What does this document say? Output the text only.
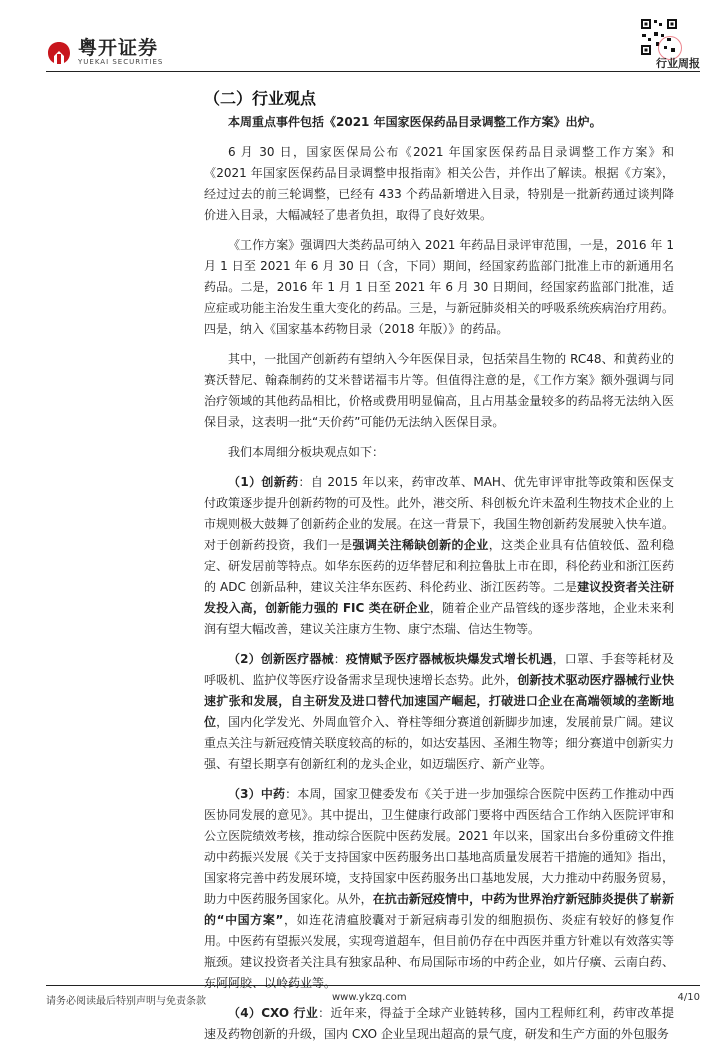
粤开证券
YUEKAI SECURITIES	行业周报
（二）行业观点

本周重点事件包括《2021 年国家医保药品目录调整工作方案》出炉。

6 月 30 日，国家医保局公布《2021 年国家医保药品目录调整工作方案》和《2021 年国家医保药品目录调整申报指南》相关公告，并作出了解读。根据《方案》，经过过去的前三轮调整，已经有 433 个药品新增进入目录，特别是一批新药通过谈判降价进入目录，大幅减轻了患者负担，取得了良好效果。

《工作方案》强调四大类药品可纳入 2021 年药品目录评审范围，一是，2016 年 1 月 1 日至 2021 年 6 月 30 日（含，下同）期间，经国家药监部门批准上市的新通用名药品。二是，2016 年 1 月 1 日至 2021 年 6 月 30 日期间，经国家药监部门批准，适应症或功能主治发生重大变化的药品。三是，与新冠肺炎相关的呼吸系统疾病治疗用药。四是，纳入《国家基本药物目录（2018 年版）》的药品。

其中，一批国产创新药有望纳入今年医保目录，包括荣昌生物的 RC48、和黄药业的赛沃替尼、翰森制药的艾米替诺福韦片等。但值得注意的是，《工作方案》额外强调与同治疗领域的其他药品相比，价格或费用明显偏高，且占用基金量较多的药品将无法纳入医保目录，这表明一批“天价药”可能仍无法纳入医保目录。

我们本周细分板块观点如下：

（1）创新药：自 2015 年以来，药审改革、MAH、优先审评审批等政策和医保支付政策逐步提升创新药物的可及性。此外，港交所、科创板允许未盈利生物技术企业的上市规则极大鼓舞了创新药企业的发展。在这一背景下，我国生物创新药发展驶入快车道。对于创新药投资，我们一是强调关注稀缺创新的企业，这类企业具有估值较低、盈利稳定、研发居前等特点。如华东医药的迈华替尼和利拉鲁肽上市在即，科伦药业和浙江医药的 ADC 创新品种，建议关注华东医药、科伦药业、浙江医药等。二是建议投资者关注研发投入高，创新能力强的 FIC 类在研企业，随着企业产品管线的逐步落地，企业未来利润有望大幅改善，建议关注康方生物、康宁杰瑞、信达生物等。

（2）创新医疗器械：疫情赋予医疗器械板块爆发式增长机遇，口罩、手套等耗材及呼吸机、监护仪等医疗设备需求呈现快速增长态势。此外，创新技术驱动医疗器械行业快速扩张和发展，自主研发及进口替代加速国产崛起，打破进口企业在高端领域的垄断地位，国内化学发光、外周血管介入、脊柱等细分赛道创新脚步加速，发展前景广阔。建议重点关注与新冠疫情关联度较高的标的，如达安基因、圣湘生物等；细分赛道中创新实力强、有望长期享有创新红利的龙头企业，如迈瑞医疗、新产业等。

（3）中药：本周，国家卫健委发布《关于进一步加强综合医院中医药工作推动中西医协同发展的意见》。其中提出，卫生健康行政部门要将中西医结合工作纳入医院评审和公立医院绩效考核，推动综合医院中医药发展。2021 年以来，国家出台多份重磅文件推动中药振兴发展《关于支持国家中医药服务出口基地高质量发展若干措施的通知》指出，国家将完善中药发展环境，支持国家中医药服务出口基地发展，大力推动中药服务贸易，助力中医药服务国家化。从外，在抗击新冠疫情中，中药为世界治疗新冠肺炎提供了崭新的“中国方案”，如连花清瘟胶囊对于新冠病毒引发的细胞损伤、炎症有较好的修复作用。中医药有望振兴发展，实现弯道超车，但目前仍存在中西医并重方针难以有效落实等瓶颈。建议投资者关注具有独家品种、布局国际市场的中药企业，如片仔癀、云南白药、东阿阿胶、以岭药业等。

（4）CXO 行业：近年来，得益于全球产业链转移，国内工程师红利，药审改革提速及药物创新的升级，国内 CXO 企业呈现出超高的景气度，研发和生产方面的外包服务

请务必阅读最后特别声明与免责条款	www.ykzq.com	4/10
